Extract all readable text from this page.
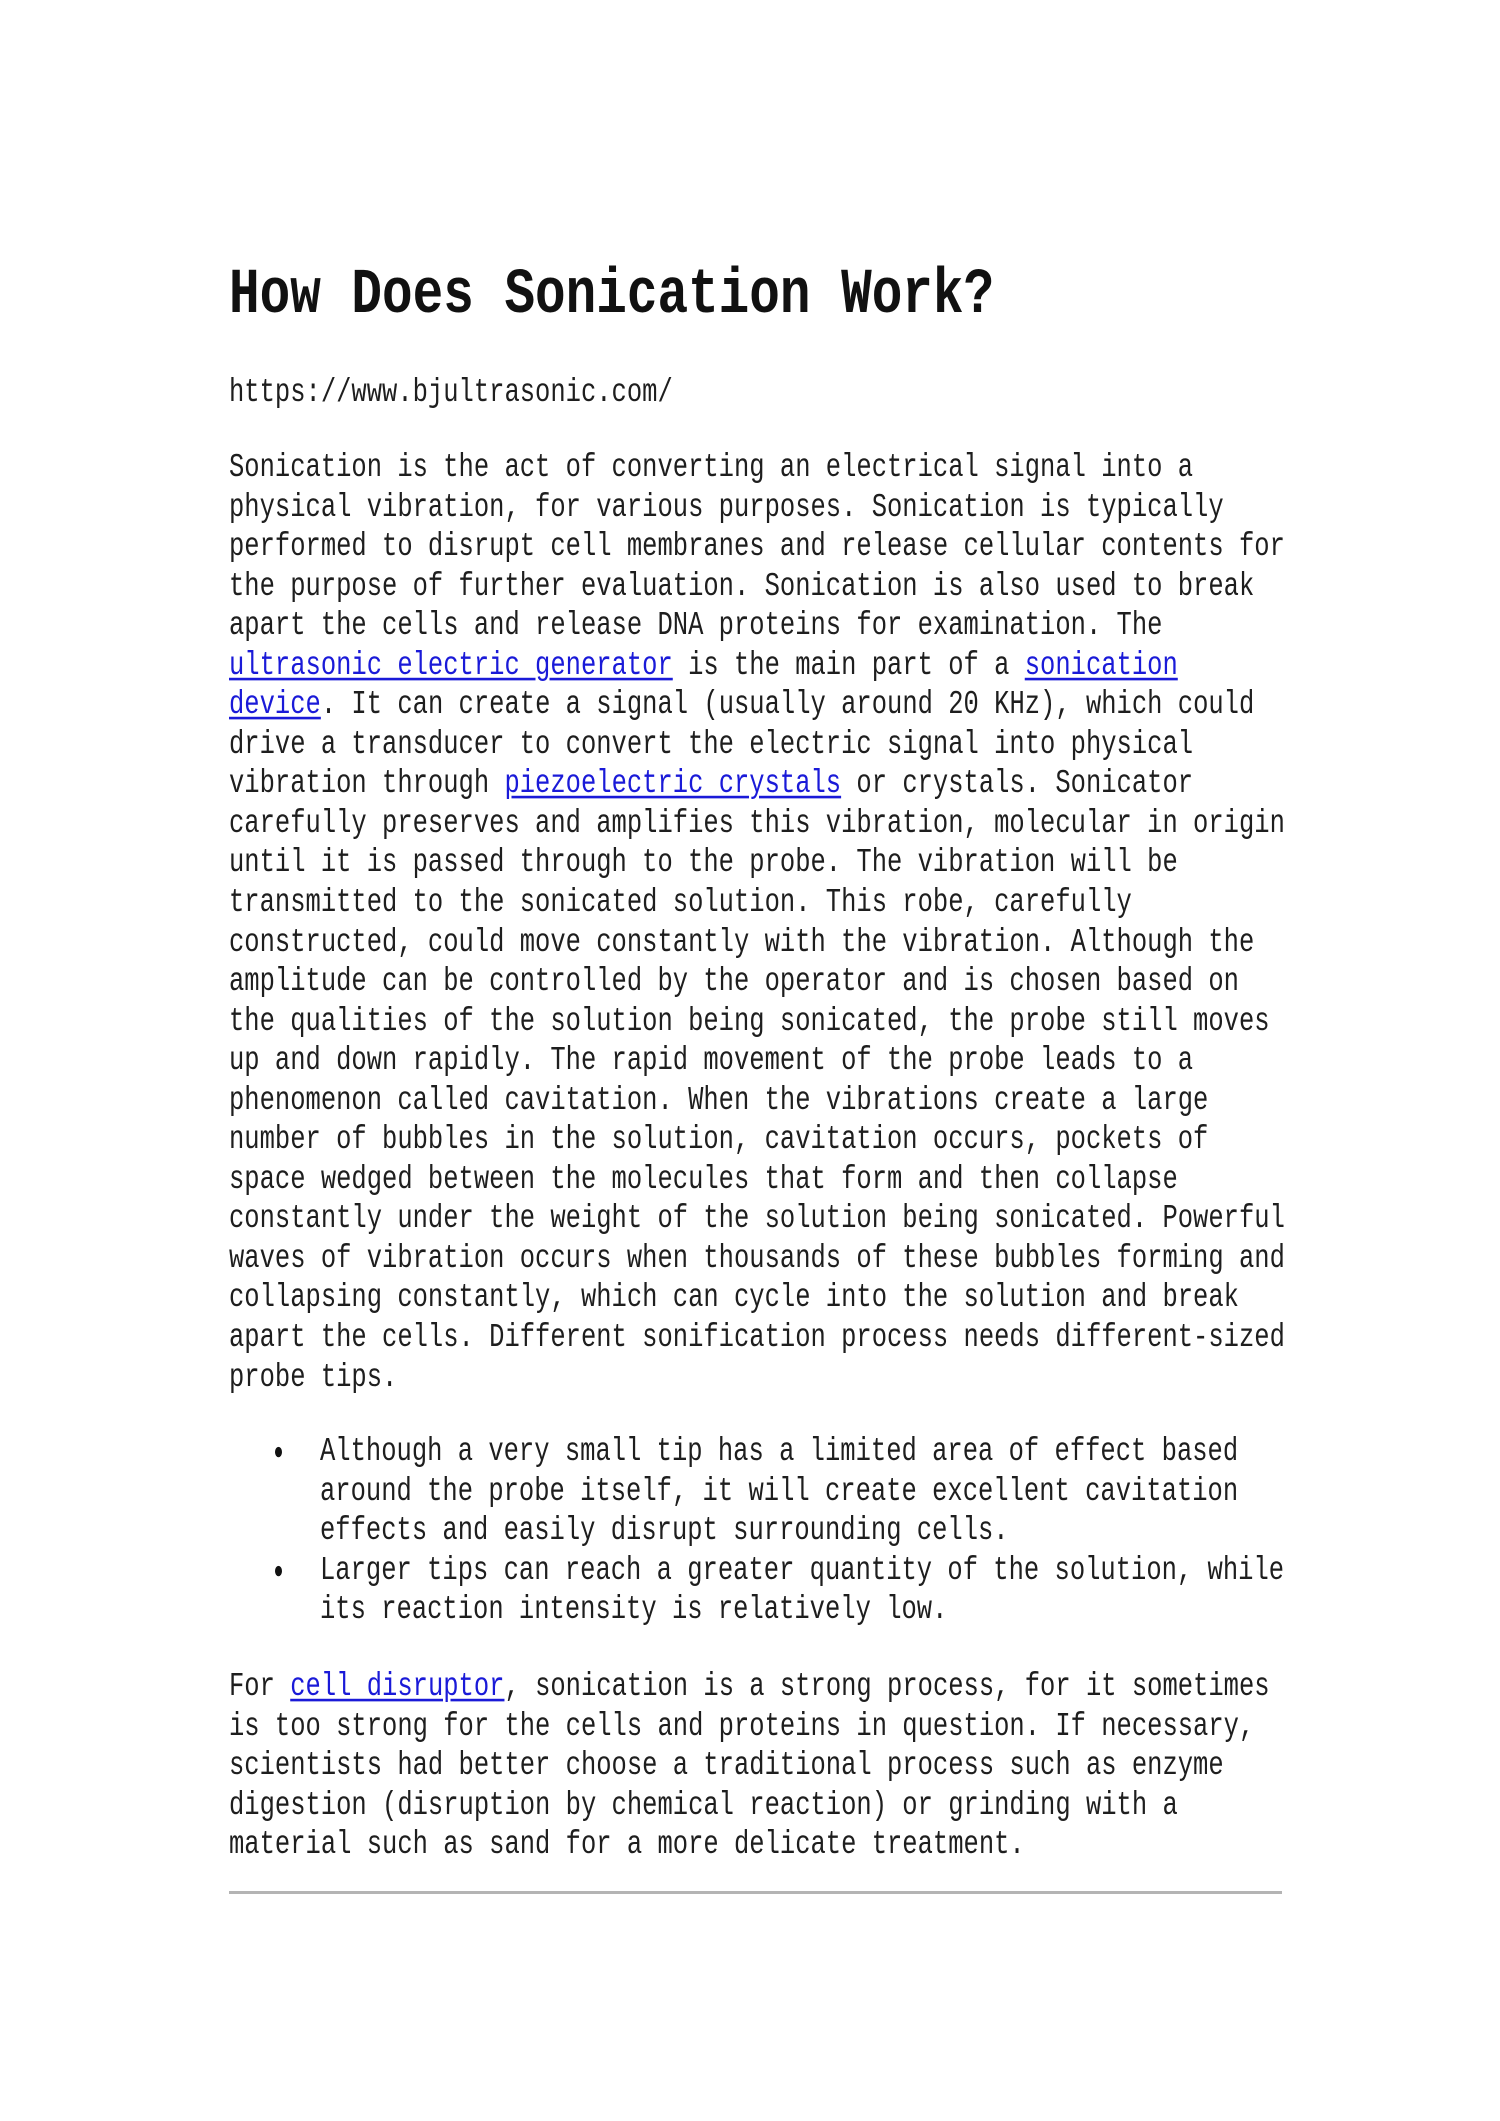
How Does Sonication Work?
https://www.bjultrasonic.com/
Sonication is the act of converting an electrical signal into a
physical vibration, for various purposes. Sonication is typically
performed to disrupt cell membranes and release cellular contents for
the purpose of further evaluation. Sonication is also used to break
apart the cells and release DNA proteins for examination. The
ultrasonic electric generator is the main part of a sonication
device. It can create a signal (usually around 20 KHz), which could
drive a transducer to convert the electric signal into physical
vibration through piezoelectric crystals or crystals. Sonicator
carefully preserves and amplifies this vibration, molecular in origin
until it is passed through to the probe. The vibration will be
transmitted to the sonicated solution. This robe, carefully
constructed, could move constantly with the vibration. Although the
amplitude can be controlled by the operator and is chosen based on
the qualities of the solution being sonicated, the probe still moves
up and down rapidly. The rapid movement of the probe leads to a
phenomenon called cavitation. When the vibrations create a large
number of bubbles in the solution, cavitation occurs, pockets of
space wedged between the molecules that form and then collapse
constantly under the weight of the solution being sonicated. Powerful
waves of vibration occurs when thousands of these bubbles forming and
collapsing constantly, which can cycle into the solution and break
apart the cells. Different sonification process needs different-sized
probe tips.
Although a very small tip has a limited area of effect based
around the probe itself, it will create excellent cavitation
effects and easily disrupt surrounding cells.
Larger tips can reach a greater quantity of the solution, while
its reaction intensity is relatively low.
For cell disruptor, sonication is a strong process, for it sometimes
is too strong for the cells and proteins in question. If necessary,
scientists had better choose a traditional process such as enzyme
digestion (disruption by chemical reaction) or grinding with a
material such as sand for a more delicate treatment.
